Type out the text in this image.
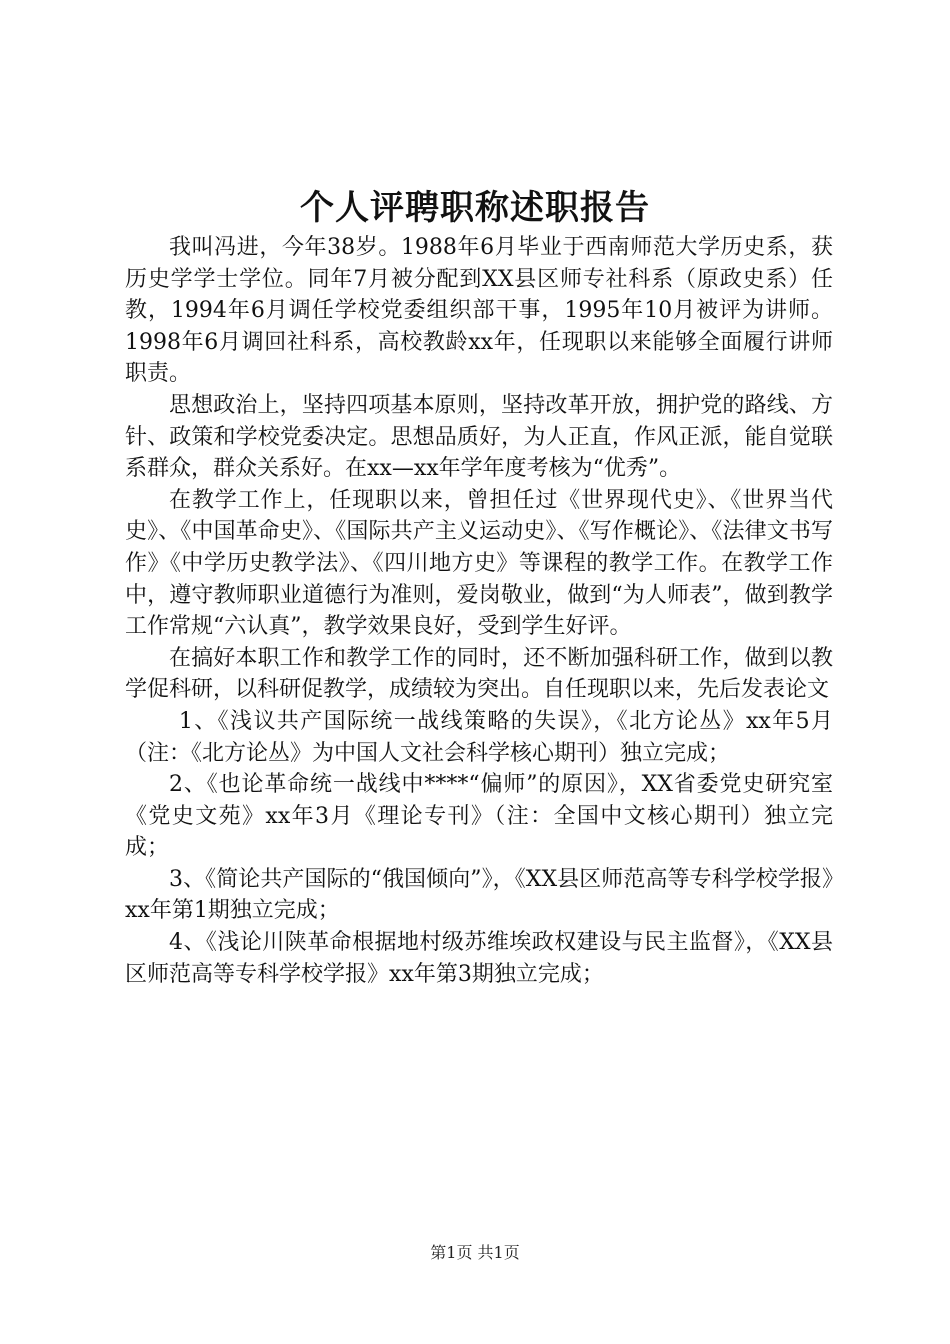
个人评聘职称述职报告

我叫冯进，今年38岁。1988年6月毕业于西南师范大学历史系，获历史学学士学位。同年7月被分配到XX县区师专社科系（原政史系）任教，1994年6月调任学校党委组织部干事，1995年10月被评为讲师。1998年6月调回社科系，高校教龄xx年，任现职以来能够全面履行讲师职责。

思想政治上，坚持四项基本原则，坚持改革开放，拥护党的路线、方针、政策和学校党委决定。思想品质好，为人正直，作风正派，能自觉联系群众，群众关系好。在xx—xx年学年度考核为“优秀”。

在教学工作上，任现职以来，曾担任过《世界现代史》、《世界当代史》、《中国革命史》、《国际共产主义运动史》、《写作概论》、《法律文书写作》《中学历史教学法》、《四川地方史》等课程的教学工作。在教学工作中，遵守教师职业道德行为准则，爱岗敬业，做到“为人师表”，做到教学工作常规“六认真”，教学效果良好，受到学生好评。

在搞好本职工作和教学工作的同时，还不断加强科研工作，做到以教学促科研，以科研促教学，成绩较为突出。自任现职以来，先后发表论文

1、《浅议共产国际统一战线策略的失误》，《北方论丛》xx年5月（注：《北方论丛》为中国人文社会科学核心期刊）独立完成；

2、《也论革命统一战线中****“偏师”的原因》，XX省委党史研究室《党史文苑》xx年3月《理论专刊》（注：全国中文核心期刊）独立完成；

3、《简论共产国际的“俄国倾向”》，《XX县区师范高等专科学校学报》xx年第1期独立完成；

4、《浅论川陕革命根据地村级苏维埃政权建设与民主监督》，《XX县区师范高等专科学校学报》xx年第3期独立完成；

第1页 共1页
